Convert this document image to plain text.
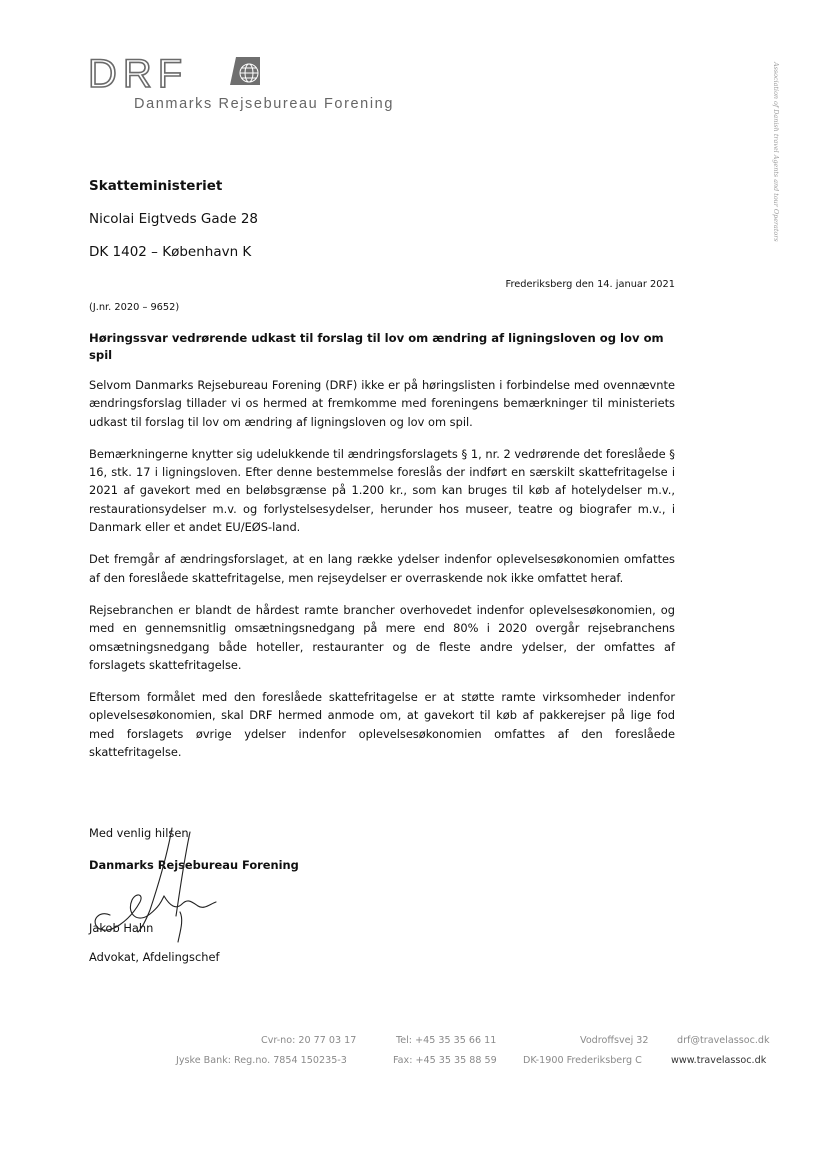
DRF
Danmarks Rejsebureau Forening	Association of Danish travel Agents and tour Operators
Skatteministeriet
Nicolai Eigtveds Gade 28
DK 1402 – København K
Frederiksberg den 14. januar 2021
(J.nr. 2020 – 9652)
Høringssvar vedrørende udkast til forslag til lov om ændring af ligningsloven og lov om spil

Selvom Danmarks Rejsebureau Forening (DRF) ikke er på høringslisten i forbindelse med ovennævnte ændringsforslag tillader vi os hermed at fremkomme med foreningens bemærkninger til ministeriets udkast til forslag til lov om ændring af ligningsloven og lov om spil.

Bemærkningerne knytter sig udelukkende til ændringsforslagets § 1, nr. 2 vedrørende det foreslåede § 16, stk. 17 i ligningsloven. Efter denne bestemmelse foreslås der indført en særskilt skattefritagelse i 2021 af gavekort med en beløbsgrænse på 1.200 kr., som kan bruges til køb af hotelydelser m.v., restaurationsydelser m.v. og forlystelsesydelser, herunder hos museer, teatre og biografer m.v., i Danmark eller et andet EU/EØS-land.

Det fremgår af ændringsforslaget, at en lang række ydelser indenfor oplevelsesøkonomien omfattes af den foreslåede skattefritagelse, men rejseydelser er overraskende nok ikke omfattet heraf.

Rejsebranchen er blandt de hårdest ramte brancher overhovedet indenfor oplevelsesøkonomien, og med en gennemsnitlig omsætningsnedgang på mere end 80% i 2020 overgår rejsebranchens omsætningsnedgang både hoteller, restauranter og de fleste andre ydelser, der omfattes af forslagets skattefritagelse.

Eftersom formålet med den foreslåede skattefritagelse er at støtte ramte virksomheder indenfor oplevelsesøkonomien, skal DRF hermed anmode om, at gavekort til køb af pakkerejser på lige fod med forslagets øvrige ydelser indenfor oplevelsesøkonomien omfattes af den foreslåede skattefritagelse.

Med venlig hilsen
Danmarks Rejsebureau Forening
Jakob Hahn
Advokat, Afdelingschef
Cvr-no: 20 77 03 17
Jyske Bank: Reg.no. 7854 150235-3
Tel: +45 35 35 66 11
Fax: +45 35 35 88 59
Vodroffsvej 32
DK-1900 Frederiksberg C
drf@travelassoc.dk
www.travelassoc.dk
